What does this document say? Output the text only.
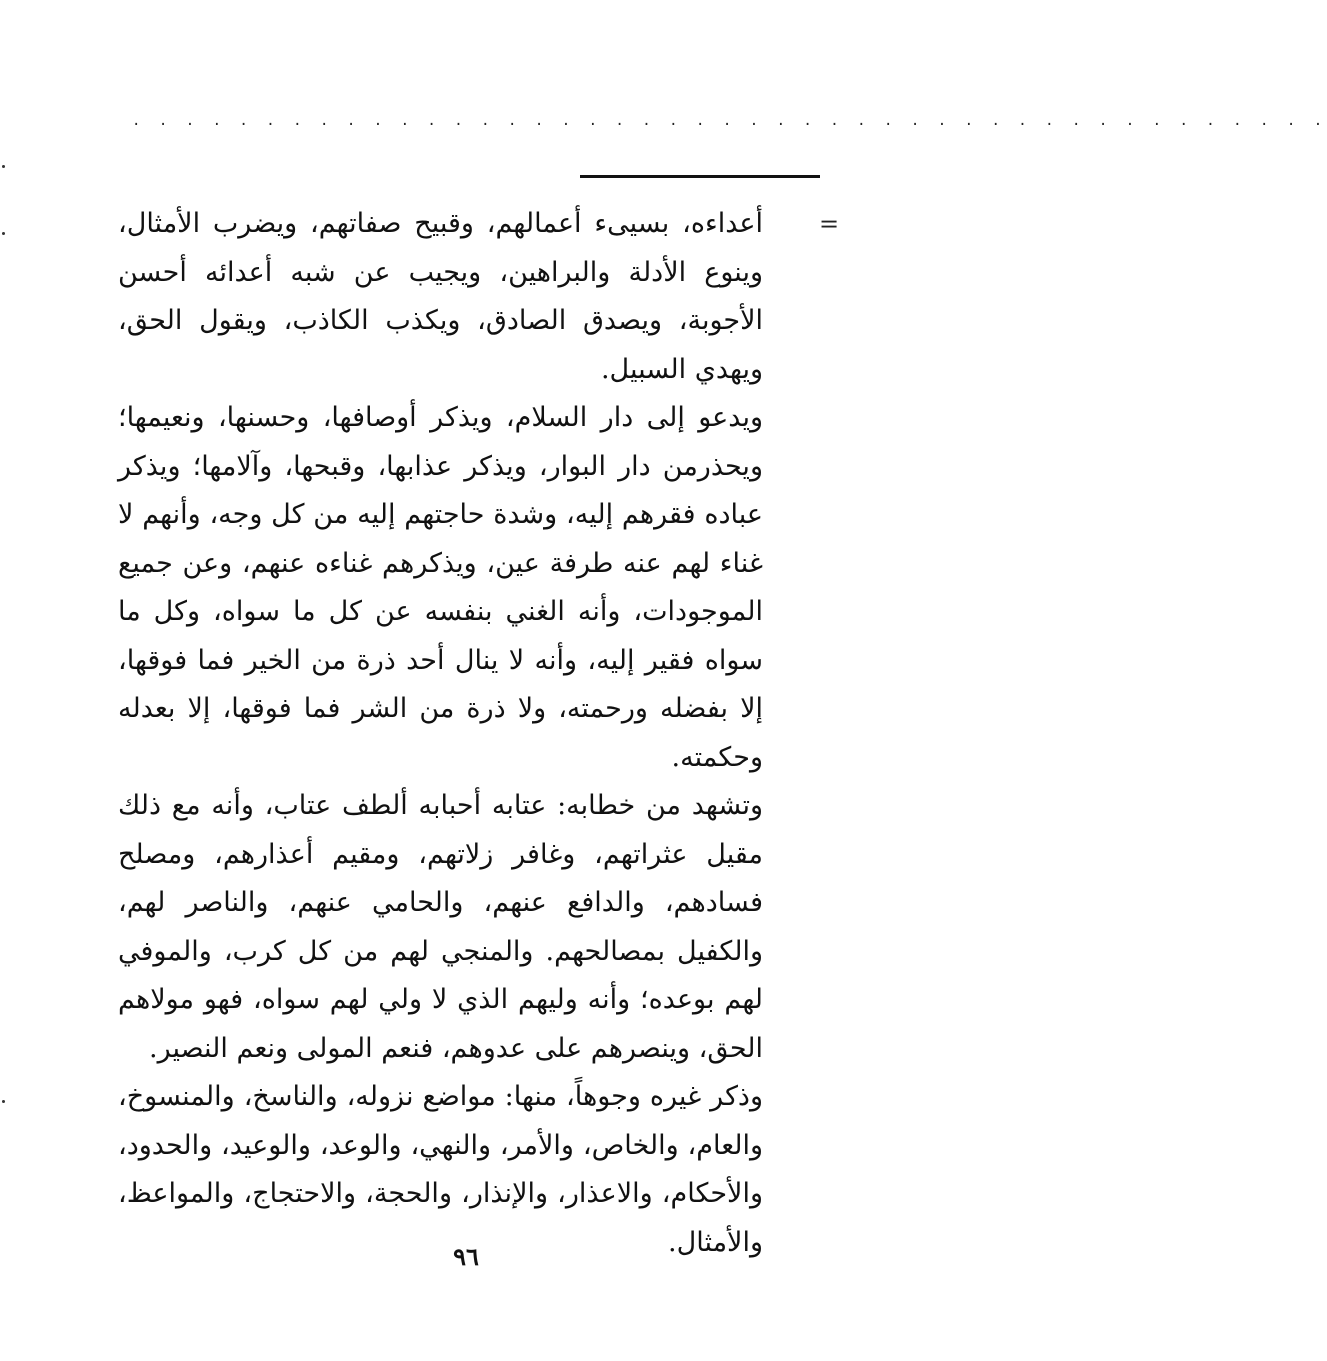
. . . . . . . . . . . . . . . . . . . . . . . . . . . . . . . . . . . . . . . . . . . . .
=

أعداءه، بسيىء أعمالهم، وقبيح صفاتهم، ويضرب الأمثال، وينوع الأدلة والبراهين، ويجيب عن شبه أعدائه أحسن الأجوبة، ويصدق الصادق، ويكذب الكاذب، ويقول الحق، ويهدي السبيل.

ويدعو إلى دار السلام، ويذكر أوصافها، وحسنها، ونعيمها؛ ويحذرمن دار البوار، ويذكر عذابها، وقبحها، وآلامها؛ ويذكر عباده فقرهم إليه، وشدة حاجتهم إليه من كل وجه، وأنهم لا غناء لهم عنه طرفة عين، ويذكرهم غناءه عنهم، وعن جميع الموجودات، وأنه الغني بنفسه عن كل ما سواه، وكل ما سواه فقير إليه، وأنه لا ينال أحد ذرة من الخير فما فوقها، إلا بفضله ورحمته، ولا ذرة من الشر فما فوقها، إلا بعدله وحكمته.

وتشهد من خطابه: عتابه أحبابه ألطف عتاب، وأنه مع ذلك مقيل عثراتهم، وغافر زلاتهم، ومقيم أعذارهم، ومصلح فسادهم، والدافع عنهم، والحامي عنهم، والناصر لهم، والكفيل بمصالحهم. والمنجي لهم من كل كرب، والموفي لهم بوعده؛ وأنه وليهم الذي لا ولي لهم سواه، فهو مولاهم الحق، وينصرهم على عدوهم، فنعم المولى ونعم النصير.

وذكر غيره وجوهاً، منها: مواضع نزوله، والناسخ، والمنسوخ، والعام، والخاص، والأمر، والنهي، والوعد، والوعيد، والحدود، والأحكام، والاعذار، والإنذار، والحجة، والاحتجاج، والمواعظ، والأمثال.

٩٦
